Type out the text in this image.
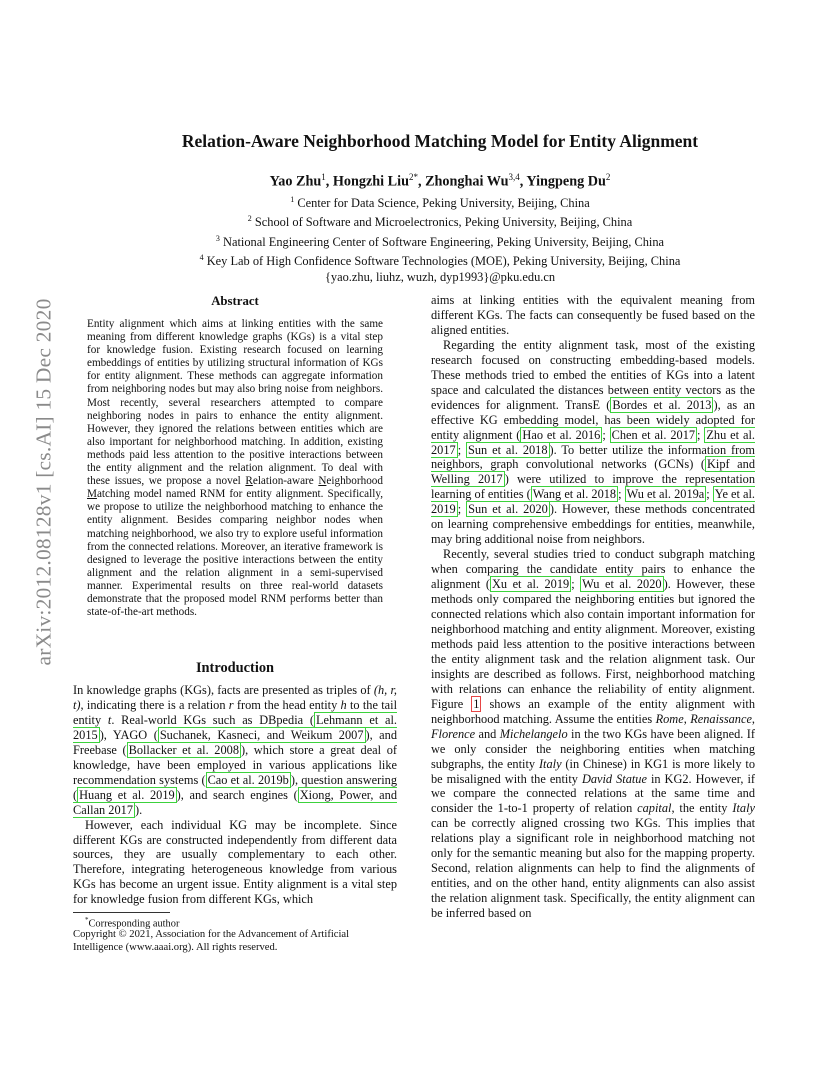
arXiv:2012.08128v1 [cs.AI] 15 Dec 2020
Relation-Aware Neighborhood Matching Model for Entity Alignment
Yao Zhu$^1$, Hongzhi Liu$^{2*}$, Zhonghai Wu$^{3,4}$, Yingpeng Du$^2$
$^1$ Center for Data Science, Peking University, Beijing, China
$^2$ School of Software and Microelectronics, Peking University, Beijing, China
$^3$ National Engineering Center of Software Engineering, Peking University, Beijing, China
$^4$ Key Lab of High Confidence Software Technologies (MOE), Peking University, Beijing, China
{yao.zhu, liuhz, wuzh, dyp1993}@pku.edu.cn
Abstract

Entity alignment which aims at linking entities with the same meaning from different knowledge graphs (KGs) is a vital step for knowledge fusion. Existing research focused on learning embeddings of entities by utilizing structural information of KGs for entity alignment. These methods can aggregate information from neighboring nodes but may also bring noise from neighbors. Most recently, several researchers attempted to compare neighboring nodes in pairs to enhance the entity alignment. However, they ignored the relations between entities which are also important for neighborhood matching. In addition, existing methods paid less attention to the positive interactions between the entity alignment and the relation alignment. To deal with these issues, we propose a novel Relation-aware Neighborhood Matching model named RNM for entity alignment. Specifically, we propose to utilize the neighborhood matching to enhance the entity alignment. Besides comparing neighbor nodes when matching neighborhood, we also try to explore useful information from the connected relations. Moreover, an iterative framework is designed to leverage the positive interactions between the entity alignment and the relation alignment in a semi-supervised manner. Experimental results on three real-world datasets demonstrate that the proposed model RNM performs better than state-of-the-art methods.

Introduction

In knowledge graphs (KGs), facts are presented as triples of (h, r, t), indicating there is a relation r from the head entity h to the tail entity t. Real-world KGs such as DBpedia ( Lehmann et al. 2015 ), YAGO ( Suchanek, Kasneci, and Weikum 2007 ), and Freebase ( Bollacker et al. 2008 ), which store a great deal of knowledge, have been employed in various applications like recommendation systems ( Cao et al. 2019b ), question answering ( Huang et al. 2019 ), and search engines ( Xiong, Power, and Callan 2017 ).

However, each individual KG may be incomplete. Since different KGs are constructed independently from different data sources, they are usually complementary to each other. Therefore, integrating heterogeneous knowledge from various KGs has become an urgent issue. Entity alignment is a vital step for knowledge fusion from different KGs, which

*Corresponding author
Copyright © 2021, Association for the Advancement of Artificial Intelligence (www.aaai.org). All rights reserved.

aims at linking entities with the equivalent meaning from different KGs. The facts can consequently be fused based on the aligned entities.

Regarding the entity alignment task, most of the existing research focused on constructing embedding-based models. These methods tried to embed the entities of KGs into a latent space and calculated the distances between entity vectors as the evidences for alignment. TransE ( Bordes et al. 2013 ), as an effective KG embedding model, has been widely adopted for entity alignment ( Hao et al. 2016 ; Chen et al. 2017 ; Zhu et al. 2017 ; Sun et al. 2018 ). To better utilize the information from neighbors, graph convolutional networks (GCNs) ( Kipf and Welling 2017 ) were utilized to improve the representation learning of entities ( Wang et al. 2018 ; Wu et al. 2019a ; Ye et al. 2019 ; Sun et al. 2020 ). However, these methods concentrated on learning comprehensive embeddings for entities, meanwhile, may bring additional noise from neighbors.

Recently, several studies tried to conduct subgraph matching when comparing the candidate entity pairs to enhance the alignment ( Xu et al. 2019 ; Wu et al. 2020 ). However, these methods only compared the neighboring entities but ignored the connected relations which also contain important information for neighborhood matching and entity alignment. Moreover, existing methods paid less attention to the positive interactions between the entity alignment task and the relation alignment task. Our insights are described as follows. First, neighborhood matching with relations can enhance the reliability of entity alignment. Figure 1 shows an example of the entity alignment with neighborhood matching. Assume the entities Rome, Renaissance, Florence and Michelangelo in the two KGs have been aligned. If we only consider the neighboring entities when matching subgraphs, the entity Italy (in Chinese) in KG1 is more likely to be misaligned with the entity David Statue in KG2. However, if we compare the connected relations at the same time and consider the 1-to-1 property of relation capital, the entity Italy can be correctly aligned crossing two KGs. This implies that relations play a significant role in neighborhood matching not only for the semantic meaning but also for the mapping property. Second, relation alignments can help to find the alignments of entities, and on the other hand, entity alignments can also assist the relation alignment task. Specifically, the entity alignment can be inferred based on
